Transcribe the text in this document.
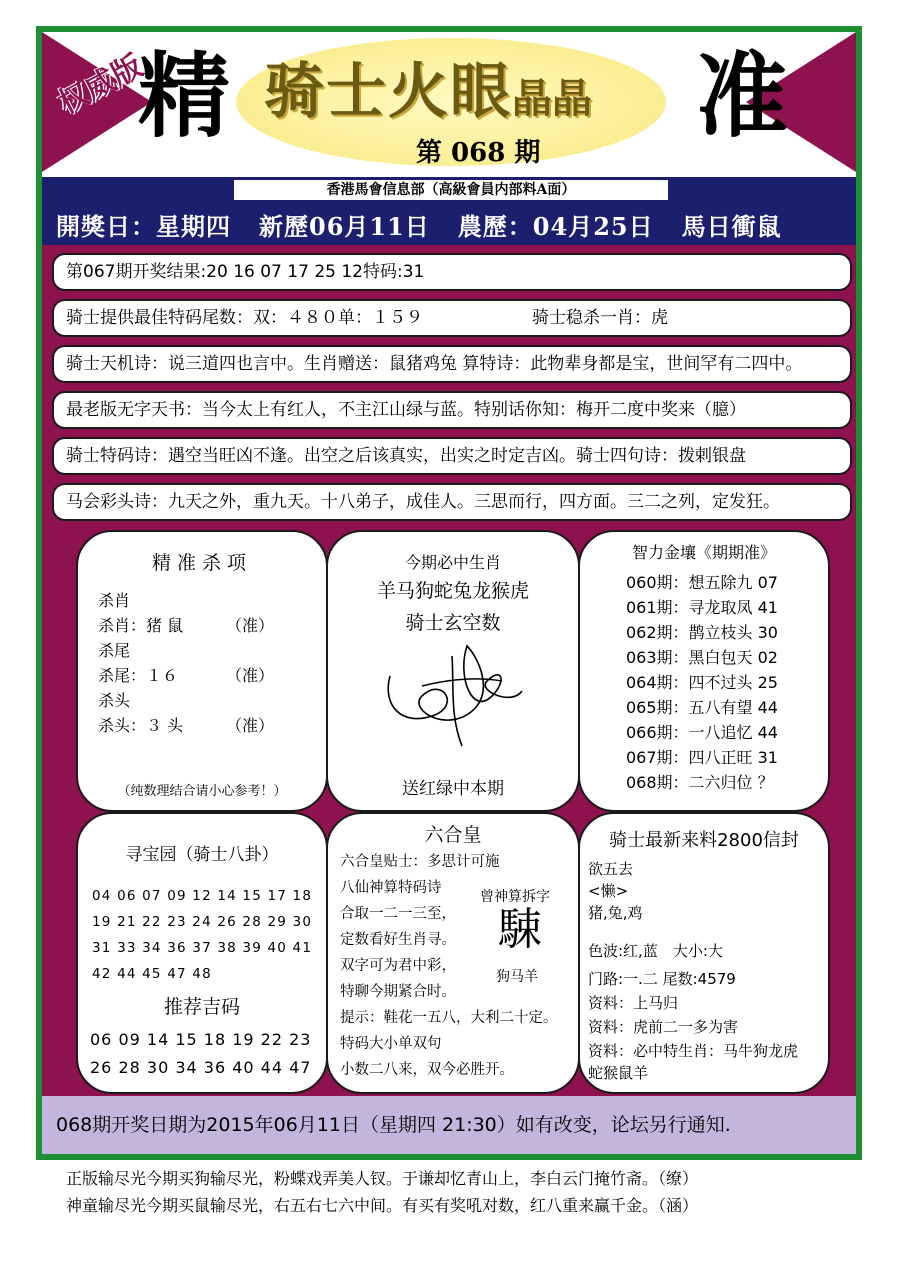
权威版
精 骑士火眼晶晶
第 068 期
准
香港馬會信息部（高級會員内部料A面）
開獎日：星期四 新歷06月11日 農歷：04月25日 馬日衝鼠
第067期开奖结果:20 16 07 17 25 12特码:31
骑士提供最佳特码尾数：双：４８０单：１５９	骑士稳杀一肖：虎
骑士天机诗：说三道四也言中。生肖赠送：鼠猪鸡兔 算特诗：此物辈身都是宝，世间罕有二四中。
最老版无字天书：当今太上有红人，不主江山绿与蓝。特别话你知：梅开二度中奖来（臆）
骑士特码诗：遇空当旺凶不逢。出空之后该真实，出实之时定吉凶。骑士四句诗：拨剌银盘
马会彩头诗：九天之外，重九天。十八弟子，成佳人。三思而行，四方面。三二之列，定发狂。
精准杀项
杀肖
杀肖：猪 鼠	（准）
杀尾
杀尾：１６	（准）
杀头
杀头：３ 头	（准）
（纯数理结合请小心参考！）
今期必中生肖
羊马狗蛇兔龙猴虎
骑士玄空数
送红绿中本期
智力金壤《期期准》
060期：想五除九 07
061期：寻龙取凤 41
062期：鹊立枝头 30
063期：黑白包天 02
064期：四不过头 25
065期：五八有望 44
066期：一八追忆 44
067期：四八正旺 31
068期：二六归位 ？
寻宝园（骑士八卦）
04 06 07 09 12 14 15 17 18
19 21 22 23 24 26 28 29 30
31 33 34 36 37 38 39 40 41
42 44 45 47 48
推荐吉码
06 09 14 15 18 19 22 23
26 28 30 34 36 40 44 47
六合皇
六合皇贴士：多思计可施
八仙神算特码诗
合取一二一三至，
定数看好生肖寻。
双字可为君中彩，
特聊今期紧合时。
提示：鞋花一五八，大利二十定。
特码大小单双句
小数二八来，双今必胜开。
曾神算拆字
駷
狗马羊
骑士最新来料2800信封
欲五去
<懒>
猪,兔,鸡
色波:红,蓝　大小:大
门路:一.二 尾数:4579
资料：上马归
资料：虎前二一多为害
资料：必中特生肖：马牛狗龙虎
蛇猴鼠羊
068期开奖日期为2015年06月11日（星期四 21:30）如有改变，论坛另行通知.
正版输尽光今期买狗输尽光，粉蝶戏弄美人钗。于谦却忆青山上，李白云门掩竹斋。（缭）
神童输尽光今期买鼠输尽光，右五右七六中间。有买有奖吼对数，红八重来赢千金。（涵）
